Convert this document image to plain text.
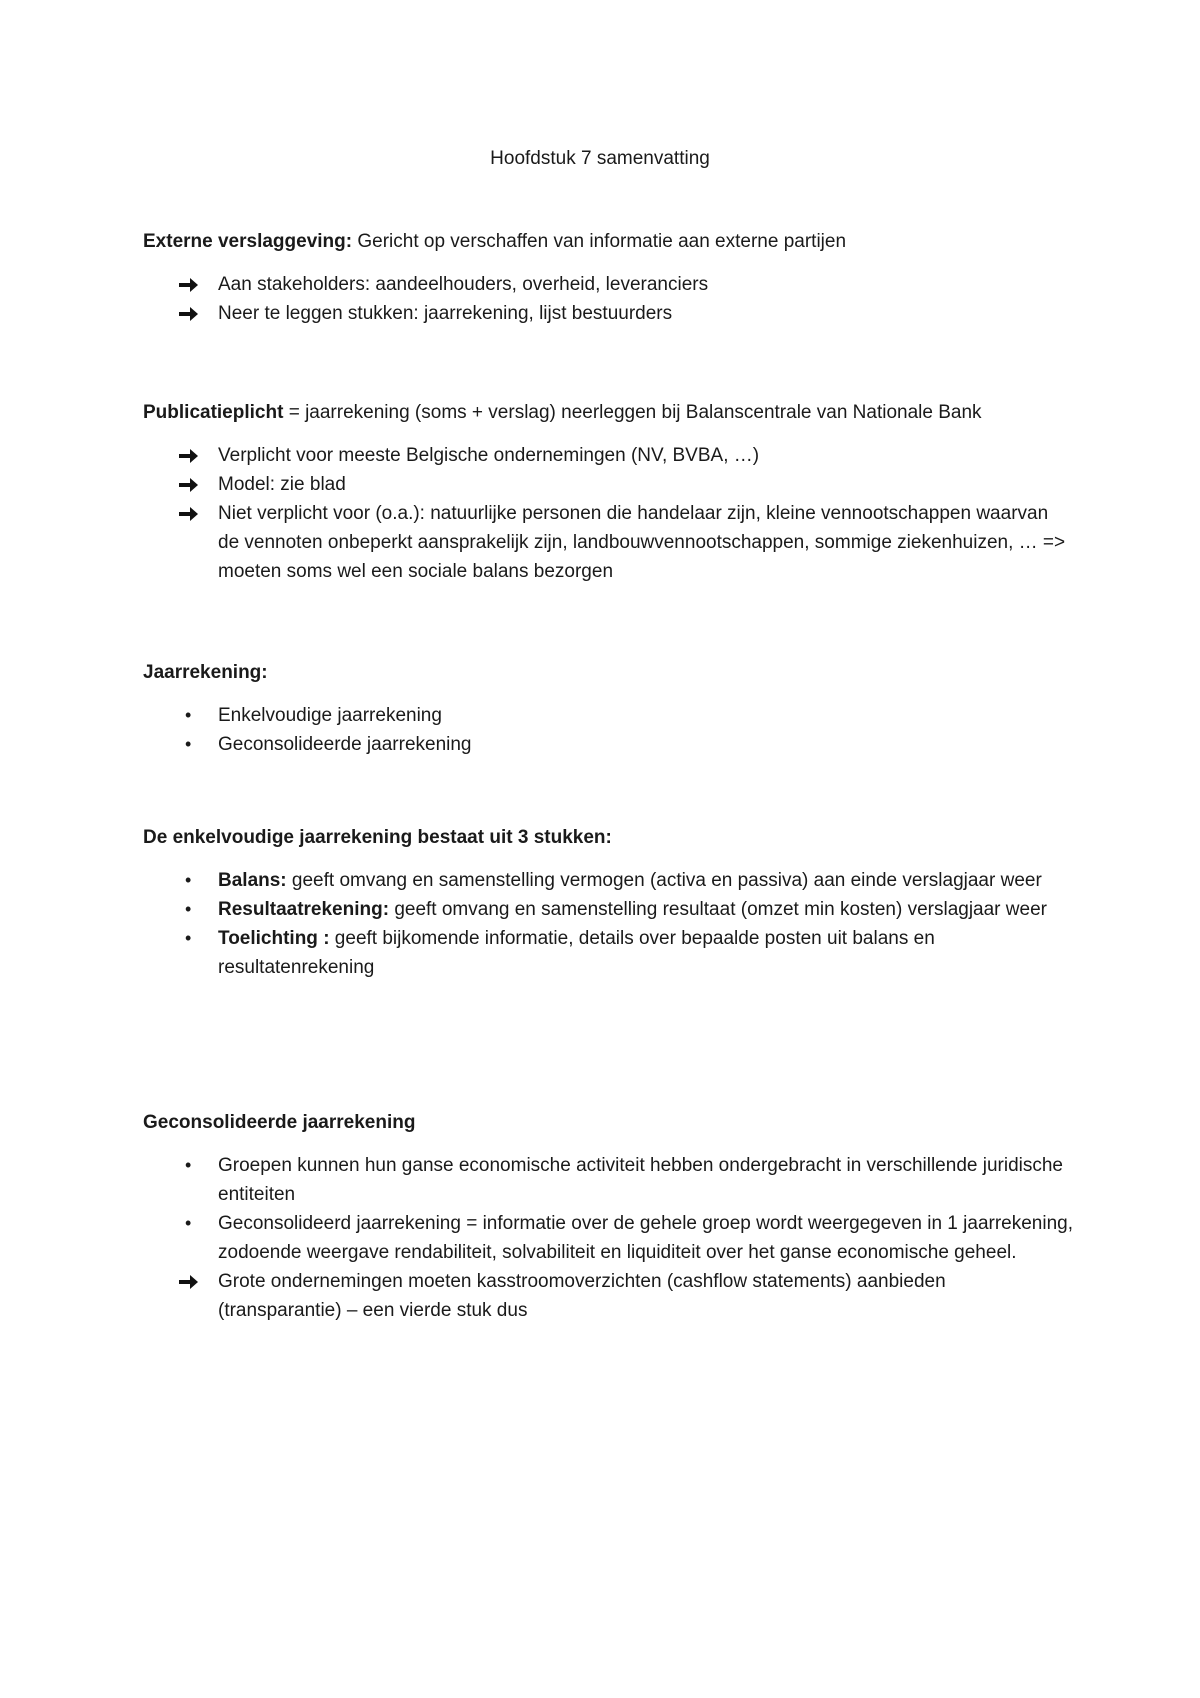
Hoofdstuk 7 samenvatting

Externe verslaggeving: Gericht op verschaffen van informatie aan externe partijen

Aan stakeholders: aandeelhouders, overheid, leveranciers
Neer te leggen stukken: jaarrekening, lijst bestuurders

Publicatieplicht = jaarrekening (soms + verslag) neerleggen bij Balanscentrale van Nationale Bank

Verplicht voor meeste Belgische ondernemingen (NV, BVBA, …)
Model: zie blad
Niet verplicht voor (o.a.): natuurlijke personen die handelaar zijn, kleine vennootschappen waarvan de vennoten onbeperkt aansprakelijk zijn, landbouwvennootschappen, sommige ziekenhuizen, … => moeten soms wel een sociale balans bezorgen

Jaarrekening:

•	Enkelvoudige jaarrekening
•	Geconsolideerde jaarrekening

De enkelvoudige jaarrekening bestaat uit 3 stukken:

•	Balans: geeft omvang en samenstelling vermogen (activa en passiva) aan einde verslagjaar weer
•	Resultaatrekening: geeft omvang en samenstelling resultaat (omzet min kosten) verslagjaar weer
•	Toelichting : geeft bijkomende informatie, details over bepaalde posten uit balans en resultatenrekening

Geconsolideerde jaarrekening

•	Groepen kunnen hun ganse economische activiteit hebben ondergebracht in verschillende juridische entiteiten
•	Geconsolideerd jaarrekening = informatie over de gehele groep wordt weergegeven in 1 jaarrekening, zodoende weergave rendabiliteit, solvabiliteit en liquiditeit over het ganse economische geheel.
Grote ondernemingen moeten kasstroomoverzichten (cashflow statements) aanbieden (transparantie) – een vierde stuk dus
